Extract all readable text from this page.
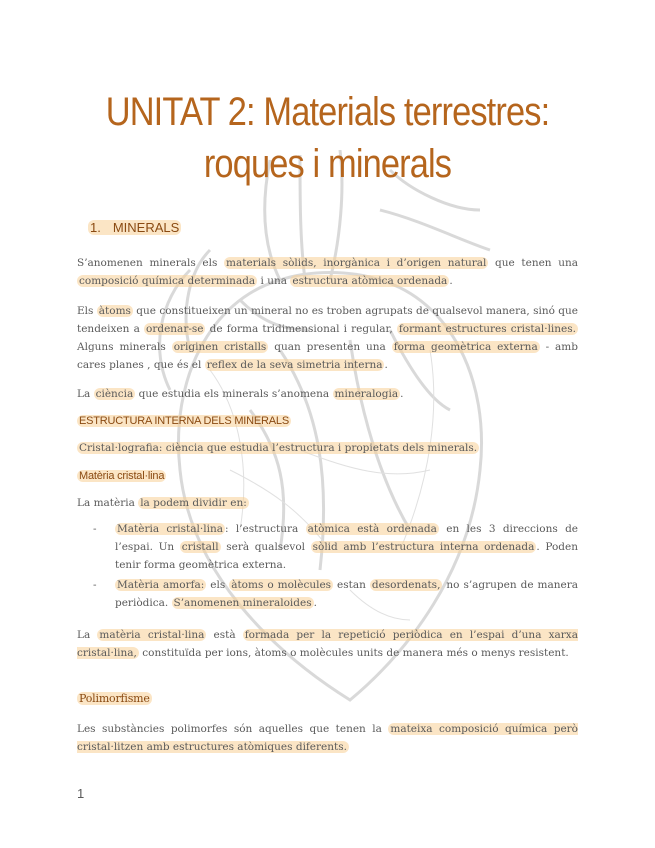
UNITAT 2: Materials terrestres:
roques i minerals
1. MINERALS

S’anomenen minerals els materials sòlids, inorgànica i d’origen natural que tenen una composició química determinada i una estructura atòmica ordenada .

Els àtoms que constitueixen un mineral no es troben agrupats de qualsevol manera, sinó que tendeixen a ordenar-se de forma tridimensional i regular, formant estructures cristal·lines. Alguns minerals originen cristalls quan presenten una forma geomètrica externa - amb cares planes , que és el reflex de la seva simetria interna .

La ciència que estudia els minerals s’anomena mineralogia .

ESTRUCTURA INTERNA DELS MINERALS

Cristal·lografia: ciència que estudia l’estructura i propietats dels minerals.

Matèria cristal·lina

La matèria la podem dividir en:

- Matèria cristal·lina : l’estructura atòmica està ordenada en les 3 direccions de l’espai. Un cristall serà qualsevol sòlid amb l’estructura interna ordenada . Poden tenir forma geomètrica externa.
- Matèria amorfa: els àtoms o molècules estan desordenats, no s’agrupen de manera periòdica. S’anomenen mineraloides .

La matèria cristal·lina està formada per la repetició periòdica en l’espai d’una xarxa cristal·lina, constituïda per ions, àtoms o molècules units de manera més o menys resistent.

Polimorfisme

Les substàncies polimorfes són aquelles que tenen la mateixa composició química però cristal·litzen amb estructures atòmiques diferents.

1
